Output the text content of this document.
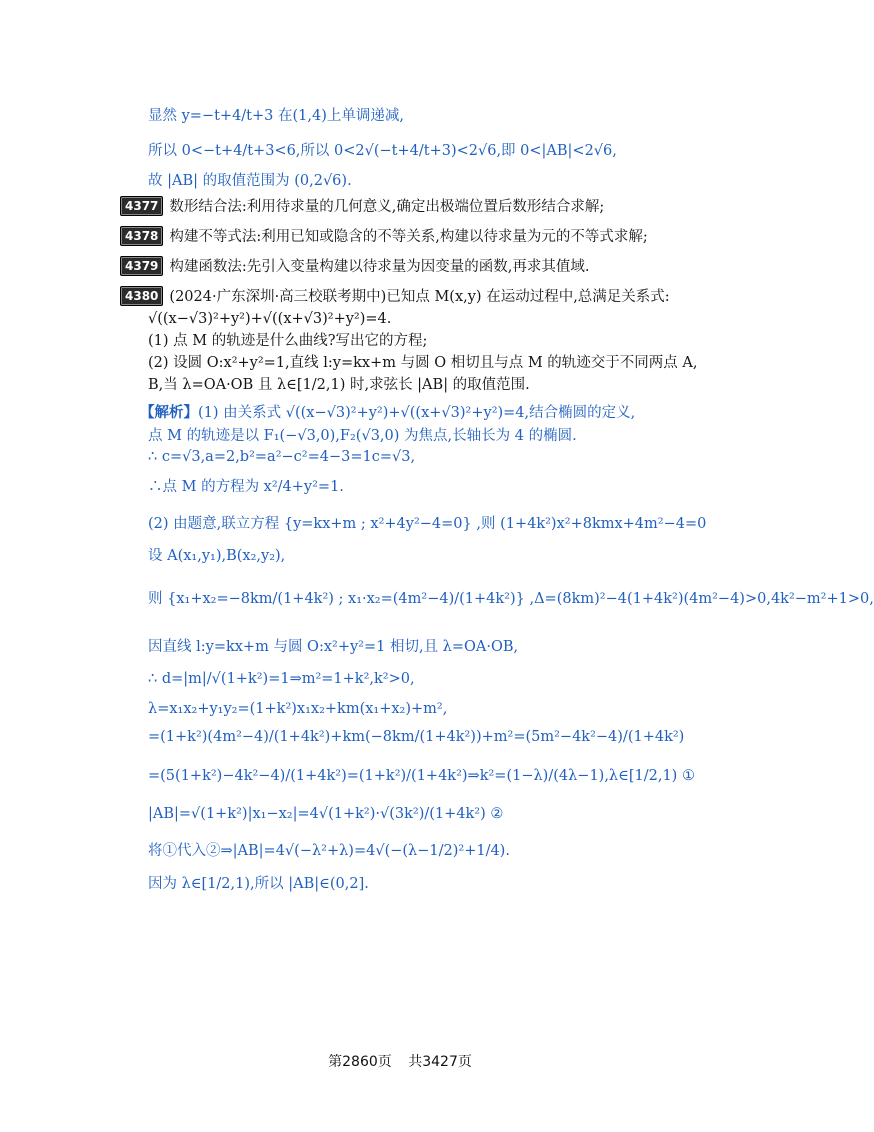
显然 y=−t+4/t+3 在(1,4)上单调递减,
所以 0<−t+4/t+3<6,所以 0<2√(−t+4/t+3)<2√6,即 0<|AB|<2√6,
故 |AB| 的取值范围为 (0,2√6).
4377 数形结合法:利用待求量的几何意义,确定出极端位置后数形结合求解;
4378 构建不等式法:利用已知或隐含的不等关系,构建以待求量为元的不等式求解;
4379 构建函数法:先引入变量构建以待求量为因变量的函数,再求其值域.
4380 (2024·广东深圳·高三校联考期中)已知点 M(x,y) 在运动过程中,总满足关系式:
√((x−√3)²+y²)+√((x+√3)²+y²)=4.
(1) 点 M 的轨迹是什么曲线?写出它的方程;
(2) 设圆 O:x²+y²=1,直线 l:y=kx+m 与圆 O 相切且与点 M 的轨迹交于不同两点 A,
B,当 λ=OA·OB 且 λ∈[1/2,1) 时,求弦长 |AB| 的取值范围.
【解析】(1) 由关系式 √((x−√3)²+y²)+√((x+√3)²+y²)=4,结合椭圆的定义,
点 M 的轨迹是以 F₁(−√3,0),F₂(√3,0) 为焦点,长轴长为 4 的椭圆.
∴ c=√3,a=2,b²=a²−c²=4−3=1c=√3,
∴点 M 的方程为 x²/4+y²=1.
(2) 由题意,联立方程 {y=kx+m ; x²+4y²−4=0} ,则 (1+4k²)x²+8kmx+4m²−4=0
设 A(x₁,y₁),B(x₂,y₂),
则 {x₁+x₂=−8km/(1+4k²) ; x₁·x₂=(4m²−4)/(1+4k²)} ,Δ=(8km)²−4(1+4k²)(4m²−4)>0,4k²−m²+1>0,
因直线 l:y=kx+m 与圆 O:x²+y²=1 相切,且 λ=OA·OB,
∴ d=|m|/√(1+k²)=1⇒m²=1+k²,k²>0,
λ=x₁x₂+y₁y₂=(1+k²)x₁x₂+km(x₁+x₂)+m²,
=(1+k²)(4m²−4)/(1+4k²)+km(−8km/(1+4k²))+m²=(5m²−4k²−4)/(1+4k²)
=(5(1+k²)−4k²−4)/(1+4k²)=(1+k²)/(1+4k²)⇒k²=(1−λ)/(4λ−1),λ∈[1/2,1) ①
|AB|=√(1+k²)|x₁−x₂|=4√(1+k²)·√(3k²)/(1+4k²) ②
将①代入②⇒|AB|=4√(−λ²+λ)=4√(−(λ−1/2)²+1/4).
因为 λ∈[1/2,1),所以 |AB|∈(0,2].
第2860页 共3427页
